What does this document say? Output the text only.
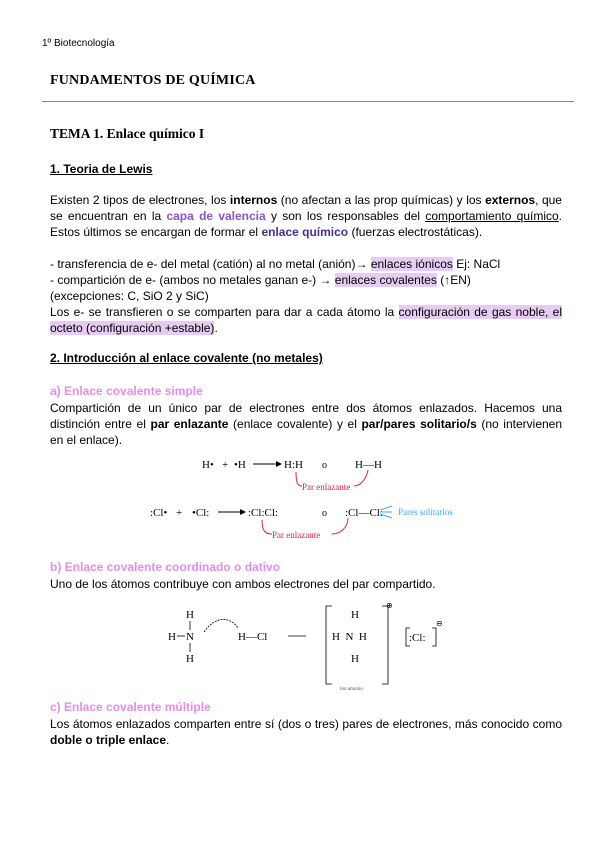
1º Biotecnología
FUNDAMENTOS DE QUÍMICA
TEMA 1. Enlace químico I
1. Teoria de Lewis
Existen 2 tipos de electrones, los internos (no afectan a las prop químicas) y los externos, que se encuentran en la capa de valencia y son los responsables del comportamiento químico. Estos últimos se encargan de formar el enlace químico (fuerzas electrostáticas).
- transferencia de e- del metal (catión) al no metal (anión)→ enlaces iónicos Ej: NaCl
- compartición de e- (ambos no metales ganan e-) → enlaces covalentes (↑EN)
(excepciones: C, SiO 2 y SiC)
Los e- se transfieren o se comparten para dar a cada átomo la configuración de gas noble, el octeto (configuración +estable).
2. Introducción al enlace covalente (no metales)
a) Enlace covalente simple
Compartición de un único par de electrones entre dos átomos enlazados. Hacemos una distinción entre el par enlazante (enlace covalente) y el par/pares solitario/s (no intervienen en el enlace).
H• + •H	H:H o	H—H
Par enlazante
:Cl• + •Cl:	:Cl:Cl:	o :Cl—Cl:
Par enlazante
Pares solitarios
b) Enlace covalente coordinado o dativo
Uno de los átomos contribuye con ambos electrones del par compartido.
H
H N
H
H—Cl
H
H  N  H
H
⊕
:Cl:
⊖
Ión amonio
c) Enlace covalente múltiple
Los átomos enlazados comparten entre sí (dos o tres) pares de electrones, más conocido como doble o triple enlace.
